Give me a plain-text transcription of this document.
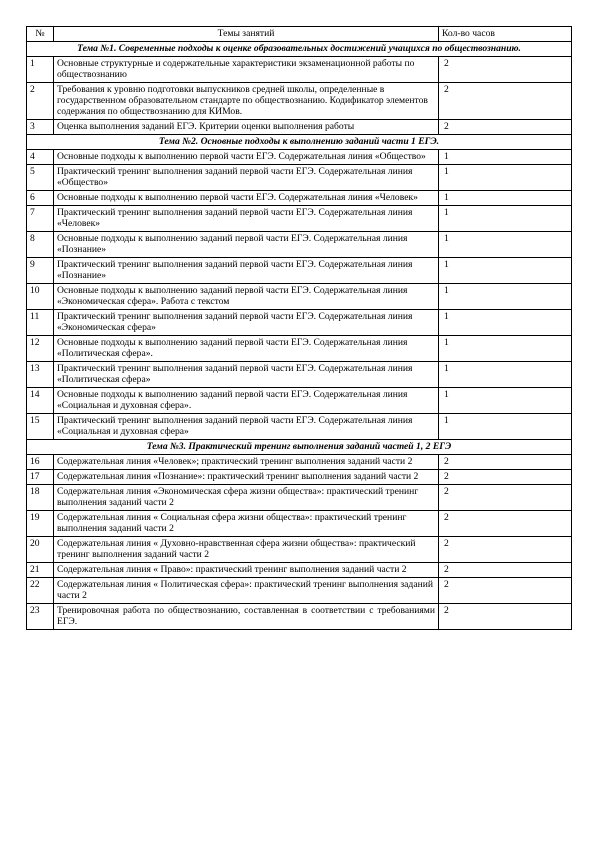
№	Темы занятий	Кол-во часов
Тема №1. Современные подходы к оценке образовательных достижений учащихся по обществознанию.		
1	Основные структурные и содержательные характеристики экзаменационной работы по обществознанию	2
2	Требования к уровню подготовки выпускников средней школы, определенные в государственном образовательном стандарте по обществознанию. Кодификатор элементов содержания по обществознанию для КИМов.	2
3	Оценка выполнения заданий ЕГЭ. Критерии оценки выполнения работы	2
Тема №2. Основные подходы к выполнению заданий части 1 ЕГЭ.		
4	Основные подходы к выполнению первой части ЕГЭ. Содержательная линия «Общество»	1
5	Практический тренинг выполнения заданий первой части ЕГЭ. Содержательная линия «Общество»	1
6	Основные подходы к выполнению первой части ЕГЭ. Содержательная линия «Человек»	1
7	Практический тренинг выполнения заданий первой части ЕГЭ. Содержательная линия «Человек»	1
8	Основные подходы к выполнению заданий первой части ЕГЭ. Содержательная линия «Познание»	1
9	Практический тренинг выполнения заданий первой части ЕГЭ. Содержательная линия «Познание»	1
10	Основные подходы к выполнению заданий первой части ЕГЭ. Содержательная линия «Экономическая сфера». Работа с текстом	1
11	Практический тренинг выполнения заданий первой части ЕГЭ. Содержательная линия «Экономическая сфера»	1
12	Основные подходы к выполнению заданий первой части ЕГЭ. Содержательная линия «Политическая сфера».	1
13	Практический тренинг выполнения заданий первой части ЕГЭ. Содержательная линия «Политическая сфера»	1
14	Основные подходы к выполнению заданий первой части ЕГЭ. Содержательная линия «Социальная и духовная сфера».	1
15	Практический тренинг выполнения заданий первой части ЕГЭ. Содержательная линия «Социальная и духовная сфера»	1
Тема №3. Практический тренинг выполнения заданий частей 1, 2 ЕГЭ		
16	Содержательная линия «Человек»; практический тренинг выполнения заданий части 2	2
17	Содержательная линия «Познание»: практический тренинг выполнения заданий части 2	2
18	Содержательная линия «Экономическая сфера жизни общества»: практический тренинг выполнения заданий части 2	2
19	Содержательная линия « Социальная сфера жизни общества»: практический тренинг выполнения заданий части 2	2
20	Содержательная линия « Духовно-нравственная сфера жизни общества»: практический тренинг выполнения заданий части 2	2
21	Содержательная линия « Право»: практический тренинг выполнения заданий части 2	2
22	Содержательная линия « Политическая сфера»: практический тренинг выполнения заданий части 2	2
23	Тренировочная работа по обществознанию, составленная в соответствии с требованиями ЕГЭ.	2
